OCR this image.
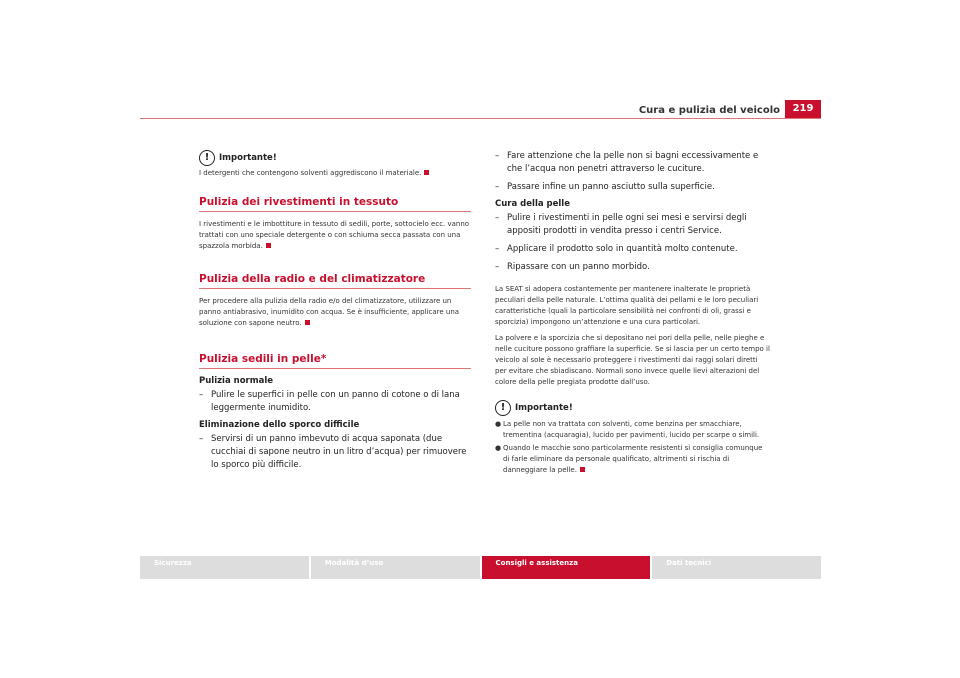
Cura e pulizia del veicolo	219
!	Importante!
I detergenti che contengono solventi aggrediscono il materiale.
Pulizia dei rivestimenti in tessuto
I rivestimenti e le imbottiture in tessuto di sedili, porte, sottocielo ecc. vanno trattati con uno speciale detergente o con schiuma secca passata con una spazzola morbida.
Pulizia della radio e del climatizzatore
Per procedere alla pulizia della radio e/o del climatizzatore, utilizzare un panno antiabrasivo, inumidito con acqua. Se è insufficiente, applicare una soluzione con sapone neutro.
Pulizia sedili in pelle*
Pulizia normale
– Pulire le superfici in pelle con un panno di cotone o di lana leggermente inumidito.
Eliminazione dello sporco difficile
– Servirsi di un panno imbevuto di acqua saponata (due cucchiai di sapone neutro in un litro d’acqua) per rimuovere lo sporco più difficile.
– Fare attenzione che la pelle non si bagni eccessivamente e che l’acqua non penetri attraverso le cuciture.
– Passare infine un panno asciutto sulla superficie.
Cura della pelle
– Pulire i rivestimenti in pelle ogni sei mesi e servirsi degli appositi prodotti in vendita presso i centri Service.
– Applicare il prodotto solo in quantità molto contenute.
– Ripassare con un panno morbido.
La SEAT si adopera costantemente per mantenere inalterate le proprietà peculiari della pelle naturale. L’ottima qualità dei pellami e le loro peculiari caratteristiche (quali la particolare sensibilità nei confronti di oli, grassi e sporcizia) impongono un’attenzione e una cura particolari.
La polvere e la sporcizia che si depositano nei pori della pelle, nelle pieghe e nelle cuciture possono graffiare la superficie. Se si lascia per un certo tempo il veicolo al sole è necessario proteggere i rivestimenti dai raggi solari diretti per evitare che sbiadiscano. Normali sono invece quelle lievi alterazioni del colore della pelle pregiata prodotte dall’uso.
!	Importante!
● La pelle non va trattata con solventi, come benzina per smacchiare, trementina (acquaragia), lucido per pavimenti, lucido per scarpe o simili.
● Quando le macchie sono particolarmente resistenti si consiglia comunque di farle eliminare da personale qualificato, altrimenti si rischia di danneggiare la pelle.
Sicurezza	Modalità d’uso	Consigli e assistenza	Dati tecnici
